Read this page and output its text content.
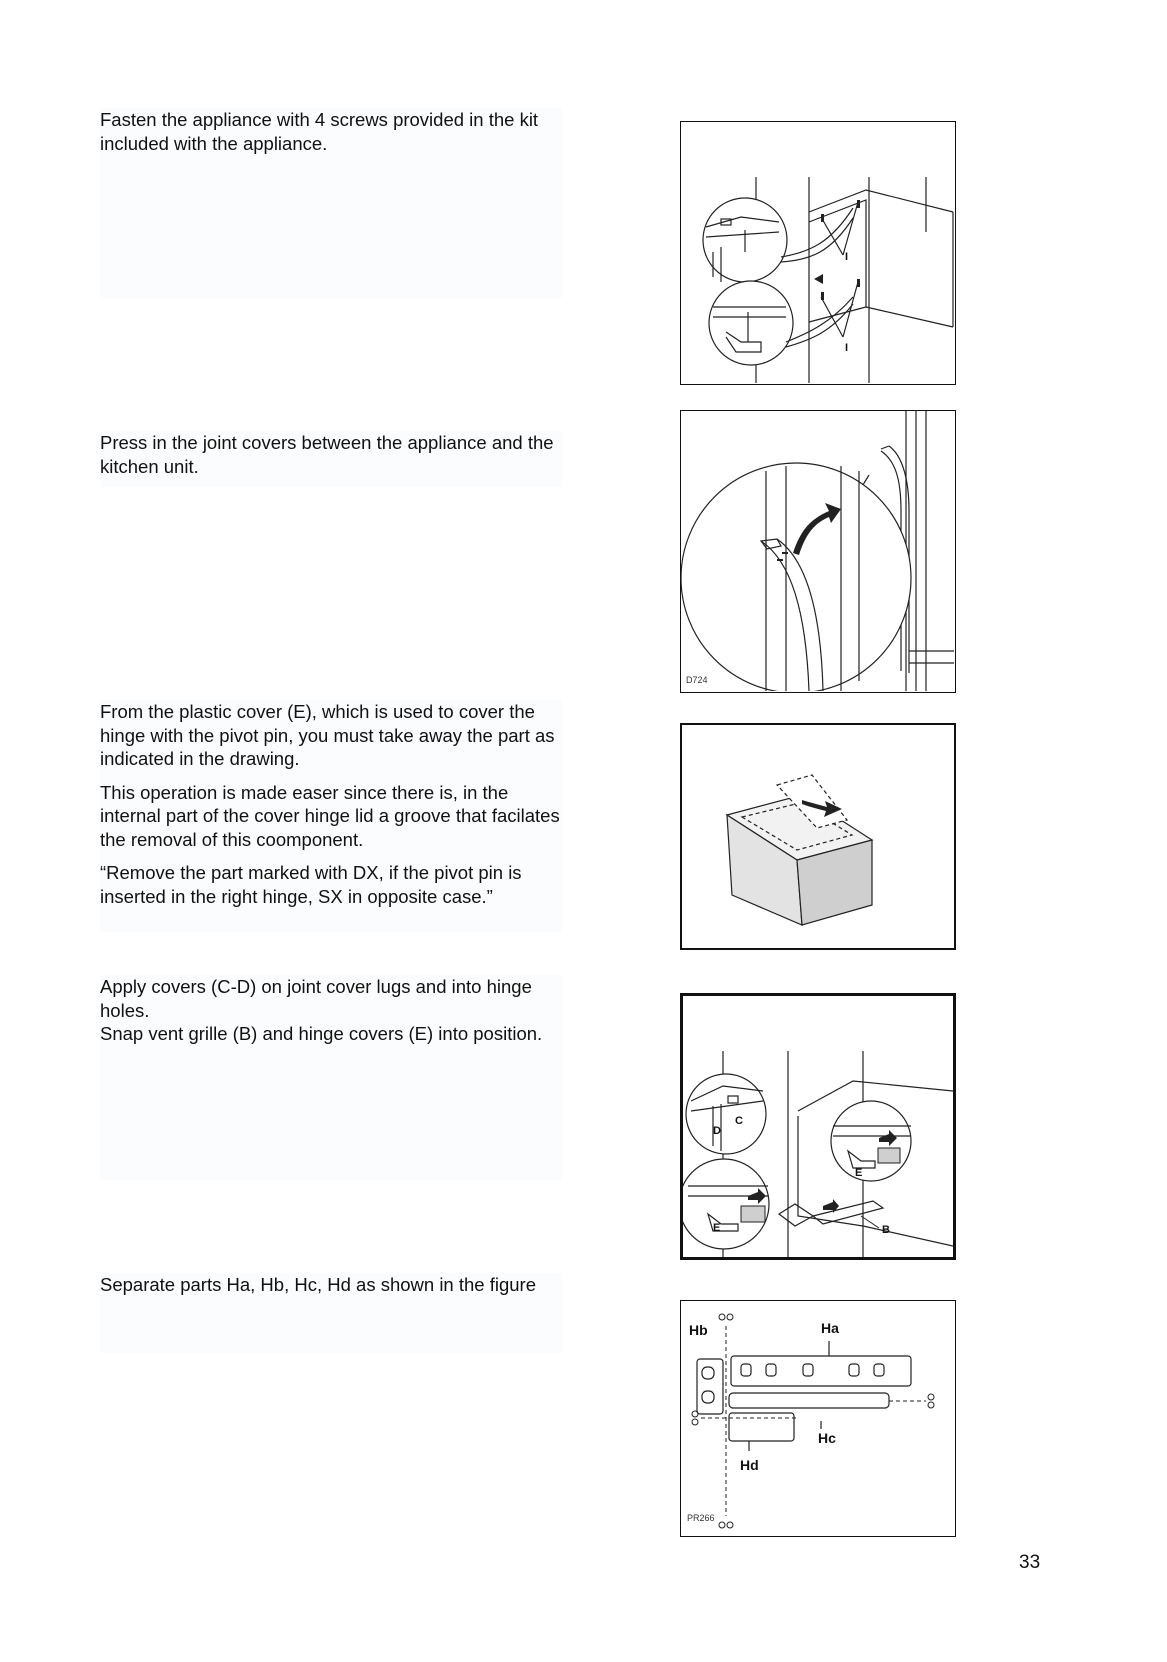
Fasten the appliance with 4 screws provided in the kit included with the appliance.

Press in the joint covers between the appliance and the kitchen unit.

From the plastic cover (E), which is used to cover the hinge with the pivot pin, you must take away the part as indicated in the drawing.

This operation is made easer since there is, in the internal part of the cover hinge lid a groove that facilates the removal of this coomponent.

“Remove the part marked with DX, if the pivot pin is inserted in the right hinge, SX in opposite case.”

Apply covers (C-D) on joint cover lugs and into hinge holes.

Snap vent grille (B) and hinge covers (E) into position.

Separate parts Ha, Hb, Hc, Hd as shown in the figure

I
I
D724
C
D
E
E	B
Hb	Ha
Hc
Hd
PR266
33
